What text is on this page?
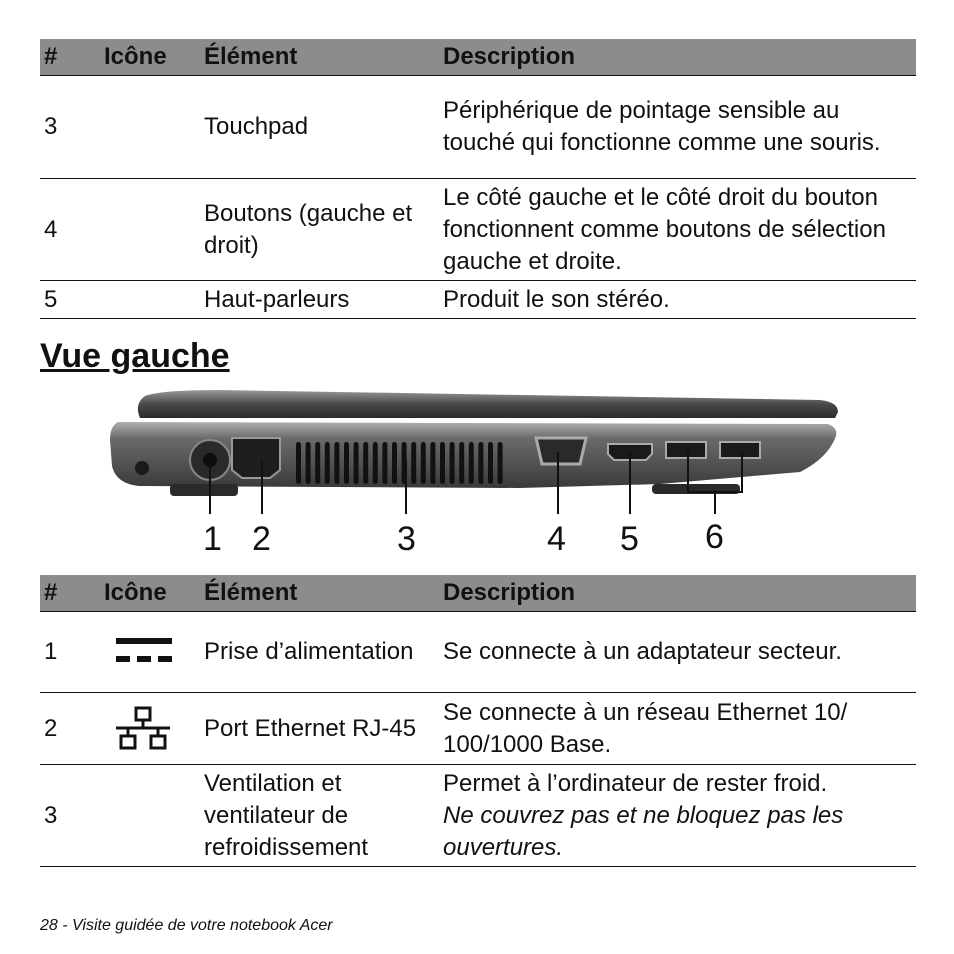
#	Icône	Élément	Description
3		Touchpad	Périphérique de pointage sensible au touché qui fonctionne comme une souris.
4		Boutons (gauche et droit)	Le côté gauche et le côté droit du bouton fonctionnent comme boutons de sélection gauche et droite.
5		Haut-parleurs	Produit le son stéréo.
Vue gauche
1 2	3	4 5 6
#	Icône	Élément	Description
1		Prise d’alimentation	Se connecte à un adaptateur secteur.
2		Port Ethernet RJ-45	Se connecte à un réseau Ethernet 10/ 100/1000 Base.
3		Ventilation et ventilateur de refroidissement	Permet à l’ordinateur de rester froid.
Ne couvrez pas et ne bloquez pas les ouvertures.
28 - Visite guidée de votre notebook Acer
